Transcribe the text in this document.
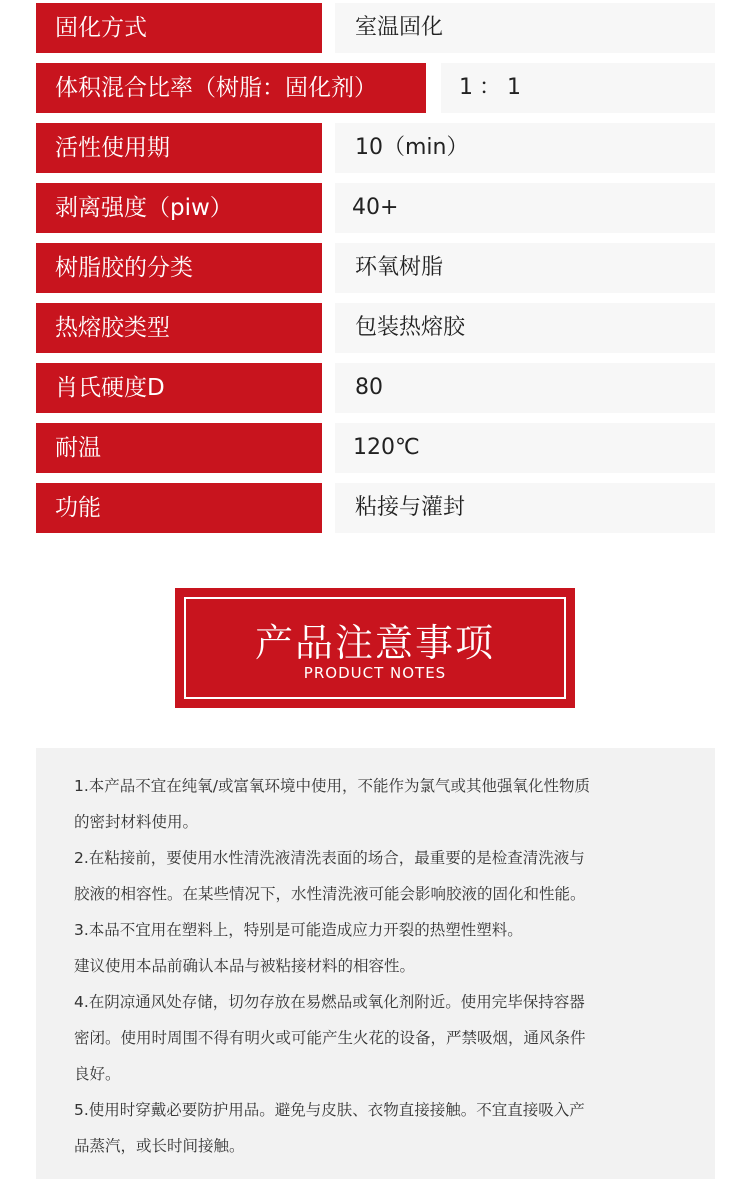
固化方式	室温固化
体积混合比率（树脂：固化剂）	1：1
活性使用期	10（min）
剥离强度（piw）	40+
树脂胶的分类	环氧树脂
热熔胶类型	包装热熔胶
肖氏硬度D	80
耐温	120℃
功能	粘接与灌封
产品注意事项
PRODUCT NOTES
1.本产品不宜在纯氧/或富氧环境中使用，不能作为氯气或其他强氧化性物质
的密封材料使用。
2.在粘接前，要使用水性清洗液清洗表面的场合，最重要的是检查清洗液与
胶液的相容性。在某些情况下，水性清洗液可能会影响胶液的固化和性能。
3.本品不宜用在塑料上，特别是可能造成应力开裂的热塑性塑料。
建议使用本品前确认本品与被粘接材料的相容性。
4.在阴凉通风处存储，切勿存放在易燃品或氧化剂附近。使用完毕保持容器
密闭。使用时周围不得有明火或可能产生火花的设备，严禁吸烟，通风条件
良好。
5.使用时穿戴必要防护用品。避免与皮肤、衣物直接接触。不宜直接吸入产
品蒸汽，或长时间接触。
